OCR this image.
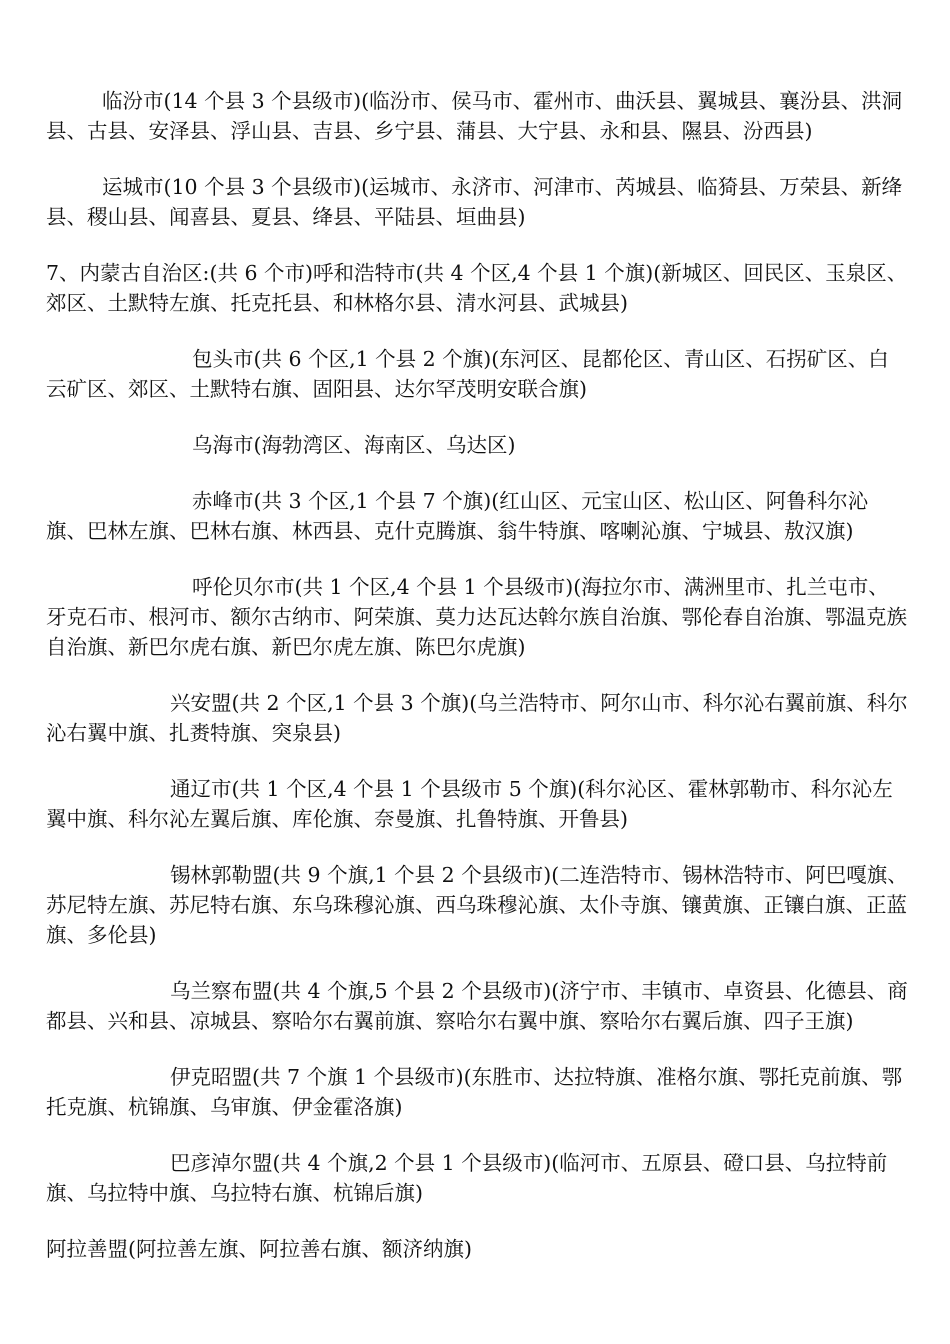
临汾市(14 个县 3 个县级市)(临汾市、侯马市、霍州市、曲沃县、翼城县、襄汾县、洪洞县、古县、安泽县、浮山县、吉县、乡宁县、蒲县、大宁县、永和县、隰县、汾西县)

运城市(10 个县 3 个县级市)(运城市、永济市、河津市、芮城县、临猗县、万荣县、新绛县、稷山县、闻喜县、夏县、绛县、平陆县、垣曲县)

7、内蒙古自治区:(共 6 个市)呼和浩特市(共 4 个区,4 个县 1 个旗)(新城区、回民区、玉泉区、郊区、土默特左旗、托克托县、和林格尔县、清水河县、武城县)

包头市(共 6 个区,1 个县 2 个旗)(东河区、昆都伦区、青山区、石拐矿区、白云矿区、郊区、土默特右旗、固阳县、达尔罕茂明安联合旗)

乌海市(海勃湾区、海南区、乌达区)

赤峰市(共 3 个区,1 个县 7 个旗)(红山区、元宝山区、松山区、阿鲁科尔沁旗、巴林左旗、巴林右旗、林西县、克什克腾旗、翁牛特旗、喀喇沁旗、宁城县、敖汉旗)

呼伦贝尔市(共 1 个区,4 个县 1 个县级市)(海拉尔市、满洲里市、扎兰屯市、牙克石市、根河市、额尔古纳市、阿荣旗、莫力达瓦达斡尔族自治旗、鄂伦春自治旗、鄂温克族自治旗、新巴尔虎右旗、新巴尔虎左旗、陈巴尔虎旗)

兴安盟(共 2 个区,1 个县 3 个旗)(乌兰浩特市、阿尔山市、科尔沁右翼前旗、科尔沁右翼中旗、扎赉特旗、突泉县)

通辽市(共 1 个区,4 个县 1 个县级市 5 个旗)(科尔沁区、霍林郭勒市、科尔沁左翼中旗、科尔沁左翼后旗、库伦旗、奈曼旗、扎鲁特旗、开鲁县)

锡林郭勒盟(共 9 个旗,1 个县 2 个县级市)(二连浩特市、锡林浩特市、阿巴嘎旗、苏尼特左旗、苏尼特右旗、东乌珠穆沁旗、西乌珠穆沁旗、太仆寺旗、镶黄旗、正镶白旗、正蓝旗、多伦县)

乌兰察布盟(共 4 个旗,5 个县 2 个县级市)(济宁市、丰镇市、卓资县、化德县、商都县、兴和县、凉城县、察哈尔右翼前旗、察哈尔右翼中旗、察哈尔右翼后旗、四子王旗)

伊克昭盟(共 7 个旗 1 个县级市)(东胜市、达拉特旗、准格尔旗、鄂托克前旗、鄂托克旗、杭锦旗、乌审旗、伊金霍洛旗)

巴彦淖尔盟(共 4 个旗,2 个县 1 个县级市)(临河市、五原县、磴口县、乌拉特前旗、乌拉特中旗、乌拉特右旗、杭锦后旗)

阿拉善盟(阿拉善左旗、阿拉善右旗、额济纳旗)
